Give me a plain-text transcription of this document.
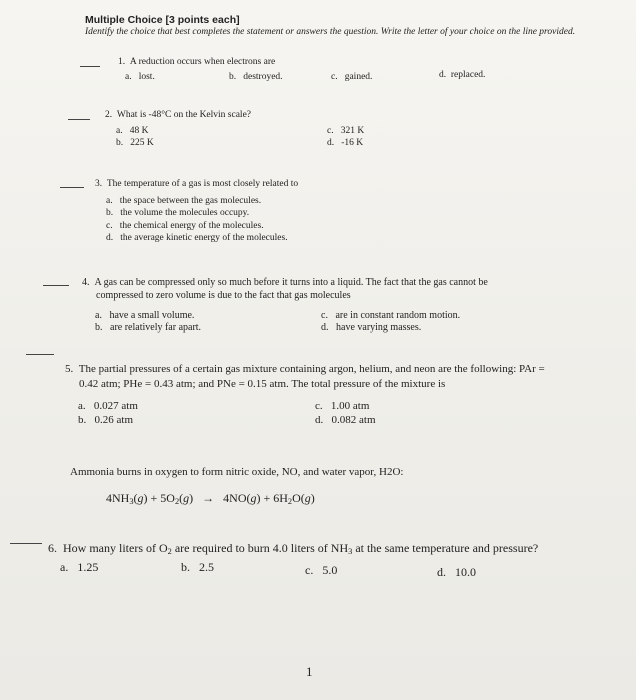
Multiple Choice [3 points each]
Identify the choice that best completes the statement or answers the question. Write the letter of your choice on the line provided.
1. A reduction occurs when electrons are
a. lost.	b. destroyed.	c. gained.	d. replaced.
2. What is -48°C on the Kelvin scale?
a. 48 K
b. 225 K
c. 321 K
d. -16 K
3. The temperature of a gas is most closely related to
a. the space between the gas molecules.
b. the volume the molecules occupy.
c. the chemical energy of the molecules.
d. the average kinetic energy of the molecules.
4. A gas can be compressed only so much before it turns into a liquid. The fact that the gas cannot be
compressed to zero volume is due to the fact that gas molecules
a. have a small volume.
b. are relatively far apart.
c. are in constant random motion.
d. have varying masses.
5. The partial pressures of a certain gas mixture containing argon, helium, and neon are the following: PAr =
0.42 atm; PHe = 0.43 atm; and PNe = 0.15 atm. The total pressure of the mixture is
a. 0.027 atm
b. 0.26 atm
c. 1.00 atm
d. 0.082 atm
Ammonia burns in oxygen to form nitric oxide, NO, and water vapor, H2O:
$4NH_3(g) + 5O_2(g) \to 4NO(g) + 6H_2O(g)$
6.  How many liters of $O_2$ are required to burn 4.0 liters of $NH_3$ at the same temperature and pressure?
a. 1.25	b. 2.5	c. 5.0	d. 10.0
1
